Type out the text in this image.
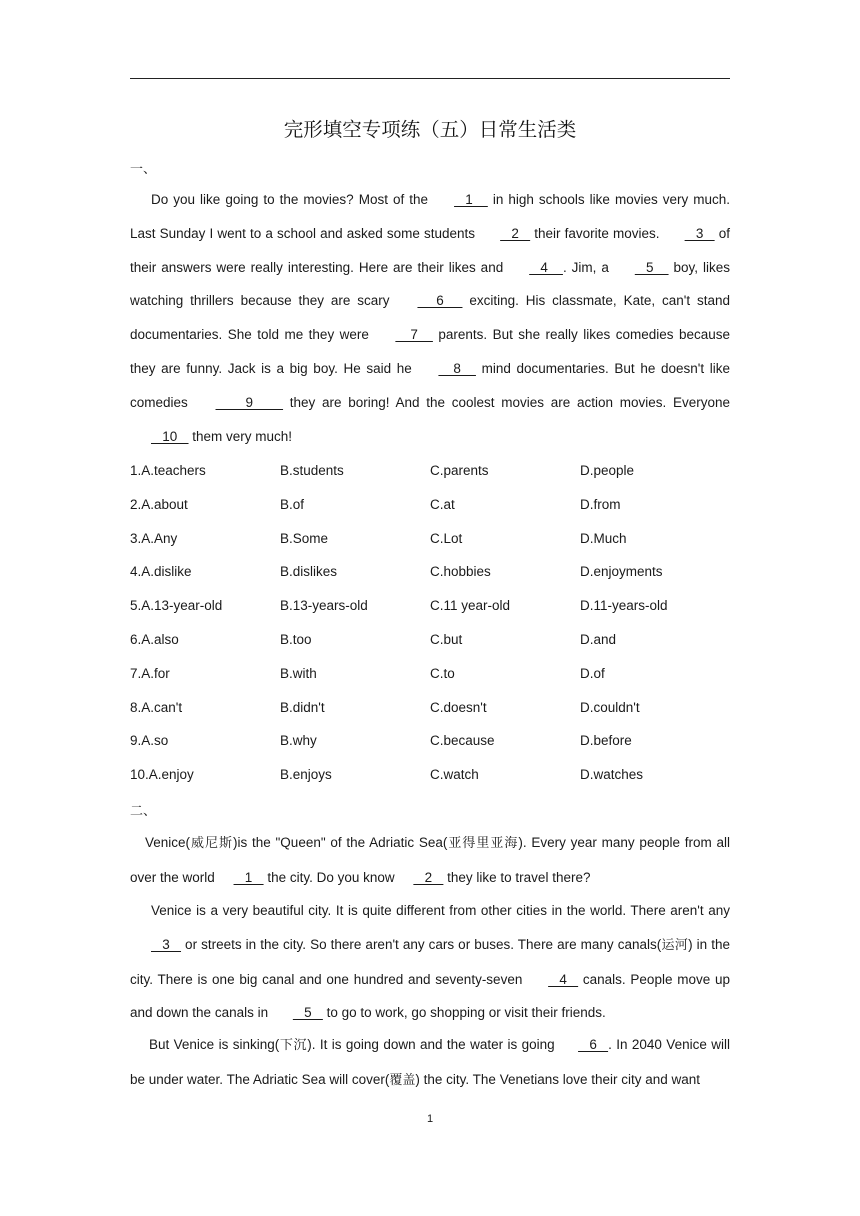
完形填空专项练（五）日常生活类
一、
Do you like going to the movies? Most of the    1     in high schools like movies very much. Last Sunday I went to a school and asked some students    2    their favorite movies.    3    of their answers were really interesting. Here are their likes and    4    . Jim, a    5     boy, likes watching thrillers because they are scary      6      exciting. His classmate, Kate, can't stand documentaries. She told me they were     7     parents. But she really likes comedies because they are funny. Jack is a big boy. He said he     8     mind documentaries. But he doesn't like comedies         9         they are boring! And the coolest movies are action movies. Everyone    10    them very much!
1.A.teachers	B.students	C.parents	D.people
2.A.about	B.of	C.at	D.from
3.A.Any	B.Some	C.Lot	D.Much
4.A.dislike	B.dislikes	C.hobbies	D.enjoyments
5.A.13-year-old	B.13-years-old	C.11 year-old	D.11-years-old
6.A.also	B.too	C.but	D.and
7.A.for	B.with	C.to	D.of
8.A.can't	B.didn't	C.doesn't	D.couldn't
9.A.so	B.why	C.because	D.before
10.A.enjoy	B.enjoys	C.watch	D.watches
二、
Venice(威尼斯)is the "Queen" of the Adriatic Sea(亚得里亚海). Every year many people from all over the world    1    the city. Do you know    2    they like to travel there?
Venice is a very beautiful city. It is quite different from other cities in the world. There aren't any    3    or streets in the city. So there aren't any cars or buses. There are many canals(运河) in the city. There is one big canal and one hundred and seventy-seven    4    canals. People move up and down the canals in    5    to go to work, go shopping or visit their friends.
But Venice is sinking(下沉). It is going down and the water is going    6   . In 2040 Venice will be under water. The Adriatic Sea will cover(覆盖) the city. The Venetians love their city and want
1
